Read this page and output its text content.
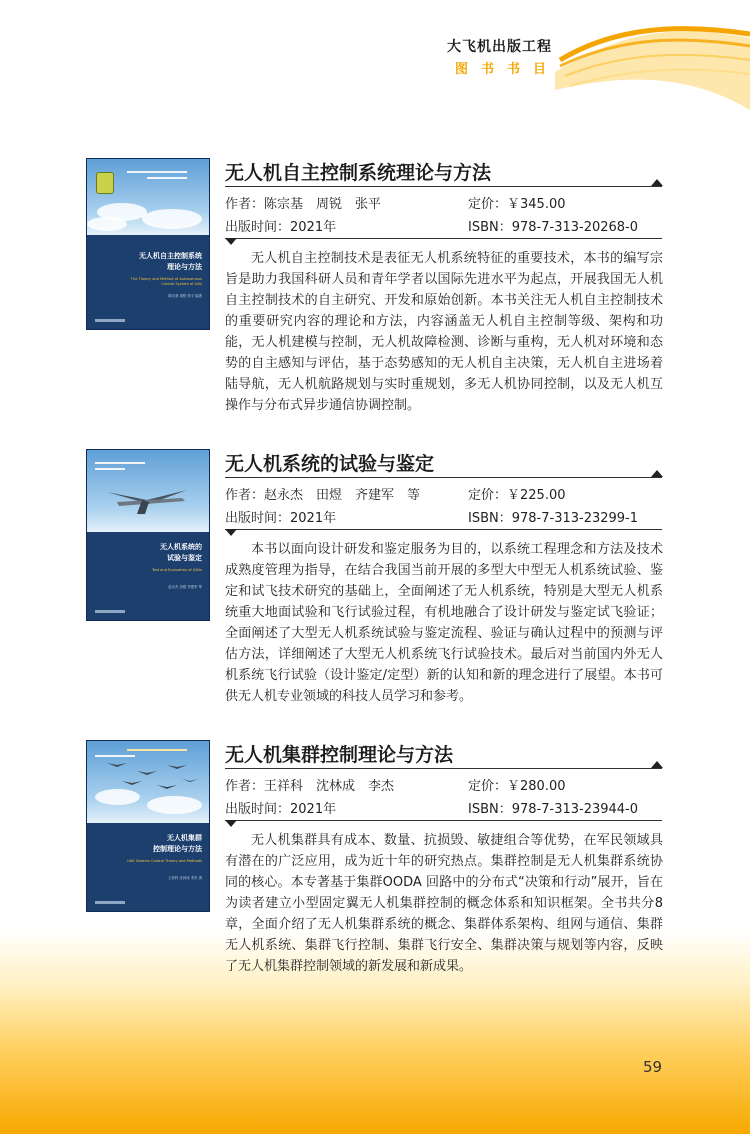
大飞机出版工程
图书书目
无人机自主控制系统
理论与方法
The Theory and Method of Autonomous Control System of UAV
陈宗基 周锐 张平 编著
无人机自主控制系统理论与方法
作者：陈宗基　周锐　张平	定价：￥345.00
出版时间：2021年	ISBN：978-7-313-20268-0

无人机自主控制技术是表征无人机系统特征的重要技术，本书的编写宗旨是助力我国科研人员和青年学者以国际先进水平为起点，开展我国无人机自主控制技术的自主研究、开发和原始创新。本书关注无人机自主控制技术的重要研究内容的理论和方法，内容涵盖无人机自主控制等级、架构和功能，无人机建模与控制，无人机故障检测、诊断与重构，无人机对环境和态势的自主感知与评估，基于态势感知的无人机自主决策，无人机自主进场着陆导航，无人机航路规划与实时重规划，多无人机协同控制，以及无人机互操作与分布式异步通信协调控制。

无人机系统的
试验与鉴定
Test and Evaluation of UAVs
赵永杰 田煜 齐建军 等
无人机系统的试验与鉴定
作者：赵永杰　田煜　齐建军　等	定价：￥225.00
出版时间：2021年	ISBN：978-7-313-23299-1

本书以面向设计研发和鉴定服务为目的，以系统工程理念和方法及技术成熟度管理为指导，在结合我国当前开展的多型大中型无人机系统试验、鉴定和试飞技术研究的基础上，全面阐述了无人机系统，特别是大型无人机系统重大地面试验和飞行试验过程，有机地融合了设计研发与鉴定试飞验证；全面阐述了大型无人机系统试验与鉴定流程、验证与确认过程中的预测与评估方法，详细阐述了大型无人机系统飞行试验技术。最后对当前国内外无人机系统飞行试验（设计鉴定/定型）新的认知和新的理念进行了展望。本书可供无人机专业领域的科技人员学习和参考。

无人机集群
控制理论与方法
UAV Swarms Control Theory and Methods
王祥科 沈林成 李杰 著
无人机集群控制理论与方法
作者：王祥科　沈林成　李杰	定价：￥280.00
出版时间：2021年	ISBN：978-7-313-23944-0

无人机集群具有成本、数量、抗损毁、敏捷组合等优势，在军民领域具有潜在的广泛应用，成为近十年的研究热点。集群控制是无人机集群系统协同的核心。本专著基于集群OODA 回路中的分布式“决策和行动”展开，旨在为读者建立小型固定翼无人机集群控制的概念体系和知识框架。全书共分8章，全面介绍了无人机集群系统的概念、集群体系架构、组网与通信、集群无人机系统、集群飞行控制、集群飞行安全、集群决策与规划等内容，反映了无人机集群控制领域的新发展和新成果。

59
